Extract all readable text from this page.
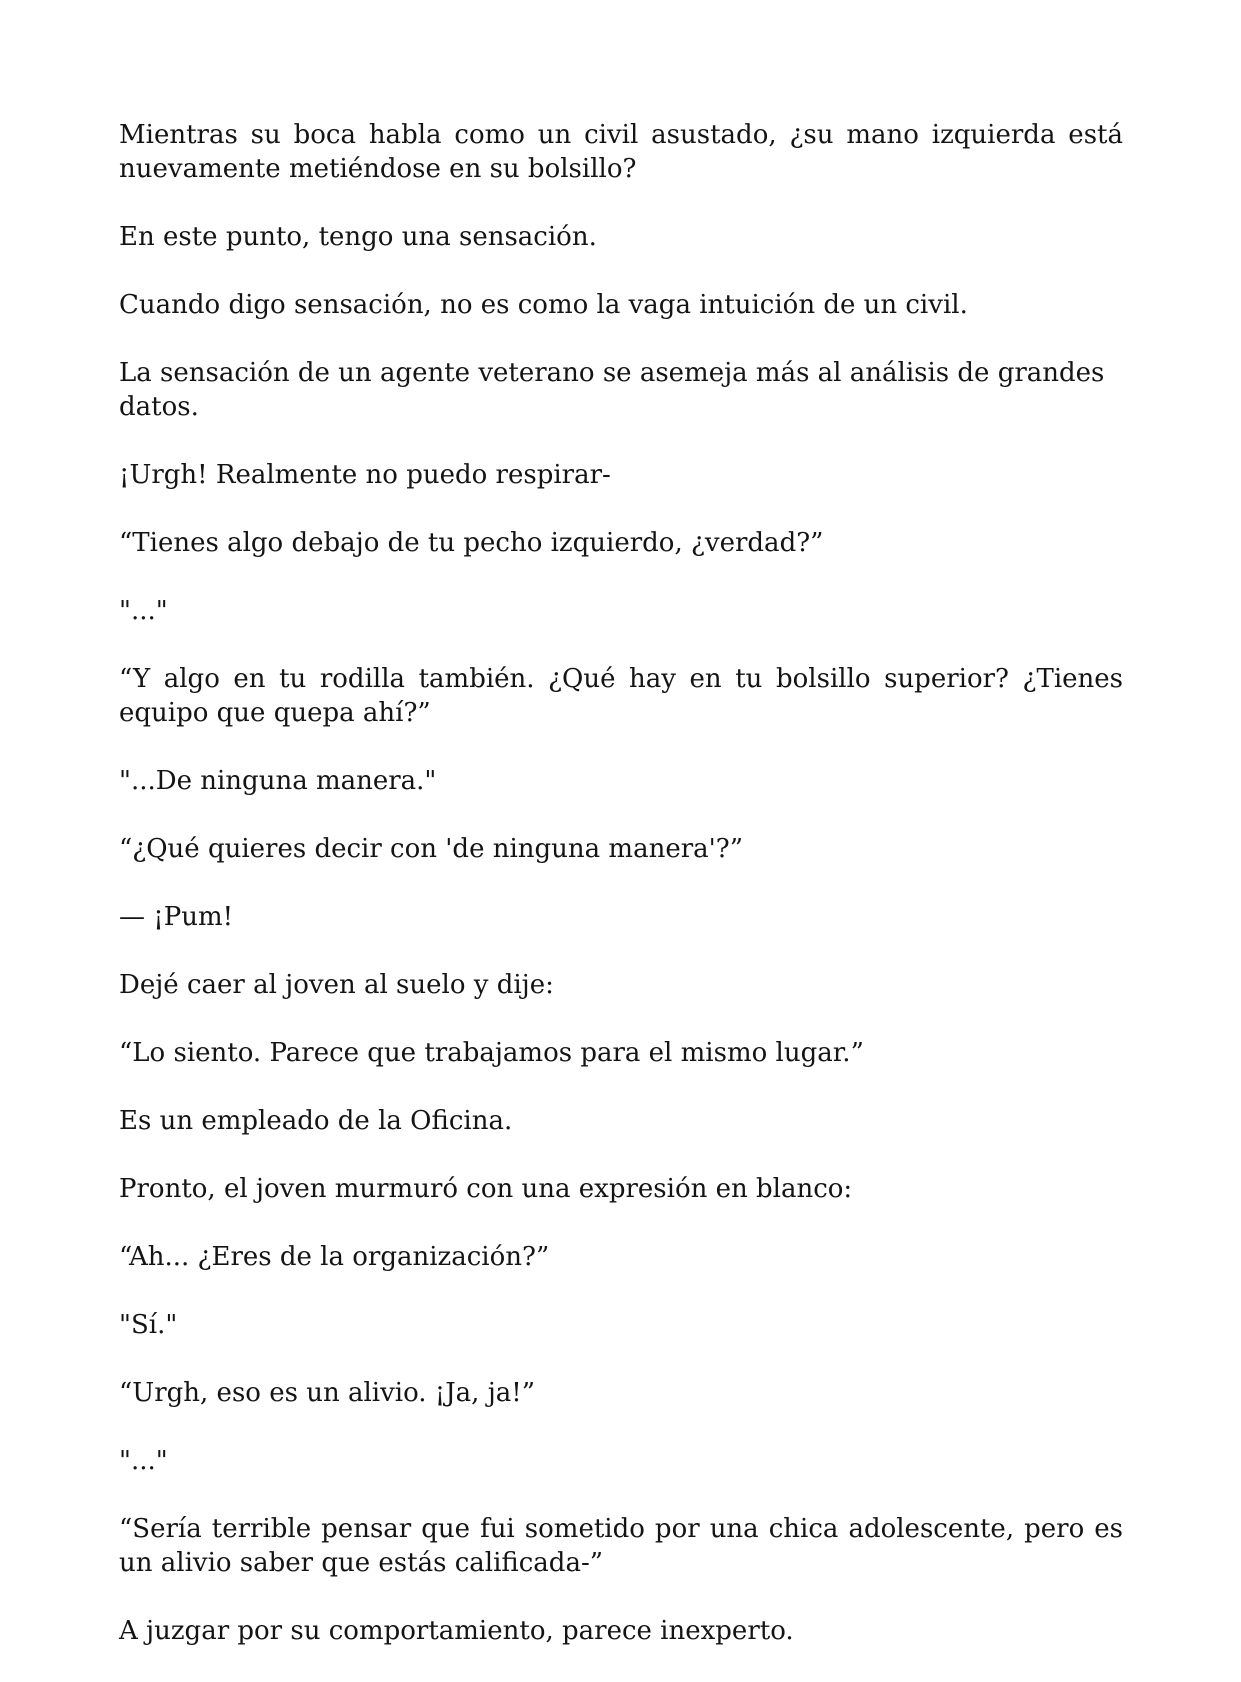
Mientras su boca habla como un civil asustado, ¿su mano izquierda está nuevamente metiéndose en su bolsillo?

En este punto, tengo una sensación.

Cuando digo sensación, no es como la vaga intuición de un civil.

La sensación de un agente veterano se asemeja más al análisis de grandes datos.

¡Urgh! Realmente no puedo respirar-

“Tienes algo debajo de tu pecho izquierdo, ¿verdad?”

"..."

“Y algo en tu rodilla también. ¿Qué hay en tu bolsillo superior? ¿Tienes equipo que quepa ahí?”

"...De ninguna manera."

“¿Qué quieres decir con 'de ninguna manera'?”

— ¡Pum!

Dejé caer al joven al suelo y dije:

“Lo siento. Parece que trabajamos para el mismo lugar.”

Es un empleado de la Oficina.

Pronto, el joven murmuró con una expresión en blanco:

“Ah... ¿Eres de la organización?”

"Sí."

“Urgh, eso es un alivio. ¡Ja, ja!”

"..."

“Sería terrible pensar que fui sometido por una chica adolescente, pero es un alivio saber que estás calificada-”

A juzgar por su comportamiento, parece inexperto.
